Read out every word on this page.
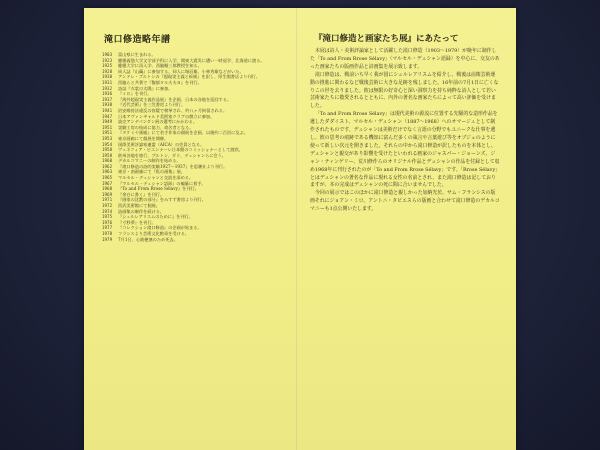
滝口修造略年譜
1903	富山県に生まれる。
1923	慶應義塾大学文学部予科に入学、関東大震災に遭い一時退学、北海道に渡る。
1925	慶應大学に再入学、西脇順三郎教授を知る。
1928	同人誌『山繭』に参加する。同人に堀辰雄、小林秀雄などがいた。
1930	アンドレ・ブルトンの『超現実主義と絵画』を訳し、厚生閣書店より刊行。
1931	西脇らと共著で『馥郁タル火夫ヨ』を刊行。
1932	詩誌『衣裳の太陽』に参加。
1936	『ミロ』を刊行。
1937	『海外超現実主義作品展』を企画、日本の各地を巡回する。
1938	『近代芸術』を三笠書房より刊行。
1941	治安維持法違反の容疑で検挙され、約八ヶ月拘留される。
1947	日本アヴァンギャルド美術家クラブの創立に参加。
1949	読売アンデパンダン展の選考にかかわる。
1951	実験工房の結成に協力、命名者となる。
1951	『タケミヤ画廊』にて若手作家の個展を企画、以後約二百回に及ぶ。
1953	東京画廊にて個展を開催。
1954	国際美術評論家連盟（AICA）の会員となる。
1958	ヴェネツィア・ビエンナーレ日本館のコミッショナーとして渡欧。
1958	欧州各地を旅行、ブルトン、ダリ、デュシャンらに会う。
1960	デカルコマニーの制作を始める。
1962	『滝口修造の詩的実験1927〜1937』を思潮社より刊行。
1963	東京・南画廊にて『私の画集』展。
1965	マルセル・デュシャンと交流を深める。
1967	『マルセル・デュシャン語録』の編纂に着手。
1968	『To and From Rrose Sélavy』を刊行。
1969	『余白に書く』を刊行。
1971	『画家の沈黙の部分』をみすず書房より刊行。
1972	西武美術館にて個展。
1974	詩画集の制作を続ける。
1975	『シュルレアリスムのために』を刊行。
1976	『寸秒夢』を刊行。
1977	『コレクション滝口修造』の企画が始まる。
1978	フランスより芸術文化勲章を受ける。
1979	7月1日、心筋梗塞のため死去。
『滝口修造と画家たち展』にあたって

本展は詩人・美術評論家として活躍した滝口修造（1903〜1979）が晩年に制作した「To and From Rrose Sélavy」（マルセル・デュシャン語録）を中心に、交友のあった画家たちの版画作品と詩画集を展示致します。

滝口修造は、戦前いち早く我が国にシュルレアリスムを紹介し、戦後は前衛芸術運動の推進に関わるなど戦後芸術に大きな足跡を残しました。16年前の7月1日に亡くなりこの世を去りました。彼は無限の好奇心と深い洞察力を持ち純粋な詩人として若い芸術家たちに敬愛されるとともに、内外の著名な画家たちによって高い評価を受けました。

「To and From Rrose Sélavy」は現代美術の源流に位置する先駆的な造形作品を遺したダダイスト、マルセル・デュシャン（1887〜1968）へのオマージュとして制作されたものです。デュシャンは美術だけでなく言語の分野でもユニークな仕事を遺し、彼の思考の痕跡である機知に富んだ多くの箴言や言葉遊び等をオブジェのように使って新しい次元を開きました。それらの中から滝口修造が訳したものを本体とし、デュシャンと親交があり影響を受けたといわれる画家のジャスパー・ジョーンズ、ジャン・ティンゲリー、荒川修作らのオリジナル作品とデュシャンの作品を付録として収め1968年に刊行されたのが「To and From Rrose Sélavy」です。「Rrose Sélavy」とはデュシャンの著名な作品に現れる女性の名前とされ、また滝口修造は記しておりますが、本の完成はデュシャンの死に間に合いませんでした。

今回の展示ではこのほかに滝口修造と親しかった加納光於、サム・フランシスの版画それにジョアン・ミロ、アントニ・タピエスらの版画と合わせて滝口修造のデカルコマニーも1点公開いたします。
